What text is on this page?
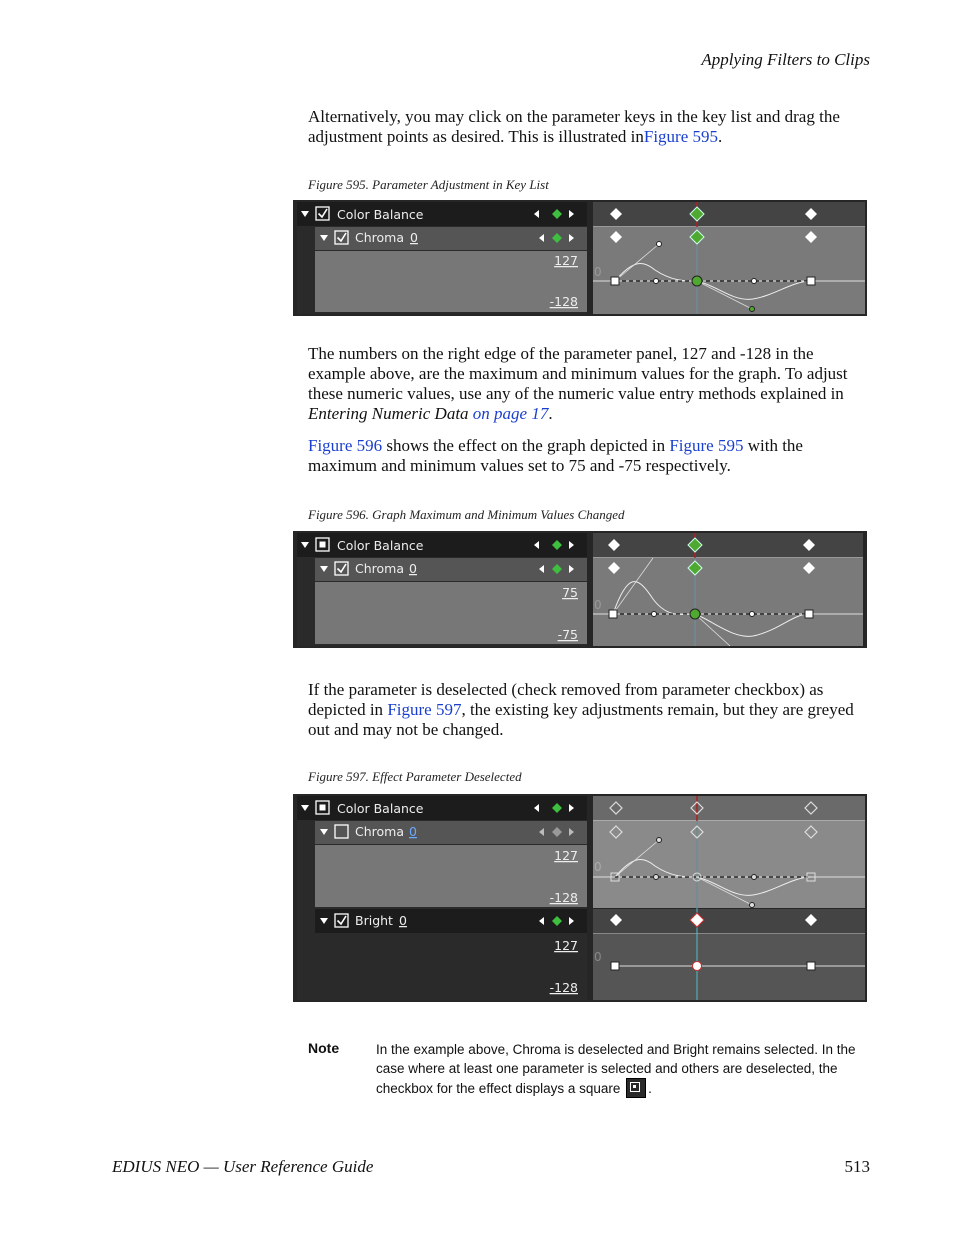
Applying Filters to Clips

Alternatively, you may click on the parameter keys in the key list and drag the adjustment points as desired. This is illustrated inFigure 595.

Figure 595. Parameter Adjustment in Key List
Color Balance
Chroma 0
127
-128
0

The numbers on the right edge of the parameter panel, 127 and -128 in the example above, are the maximum and minimum values for the graph. To adjust these numeric values, use any of the numeric value entry methods explained in Entering Numeric Data on page 17.

Figure 596 shows the effect on the graph depicted in Figure 595 with the maximum and minimum values set to 75 and -75 respectively.

Figure 596. Graph Maximum and Minimum Values Changed
Color Balance
Chroma 0
75
-75
0

If the parameter is deselected (check removed from parameter checkbox) as depicted in Figure 597, the existing key adjustments remain, but they are greyed out and may not be changed.

Figure 597. Effect Parameter Deselected
Color Balance
Chroma 0
127
-128
Bright 0
127
-128
0
0
Note	In the example above, Chroma is deselected and Bright remains selected. In the case where at least one parameter is selected and others are deselected, the checkbox for the effect displays a square .
EDIUS NEO — User Reference Guide	513
